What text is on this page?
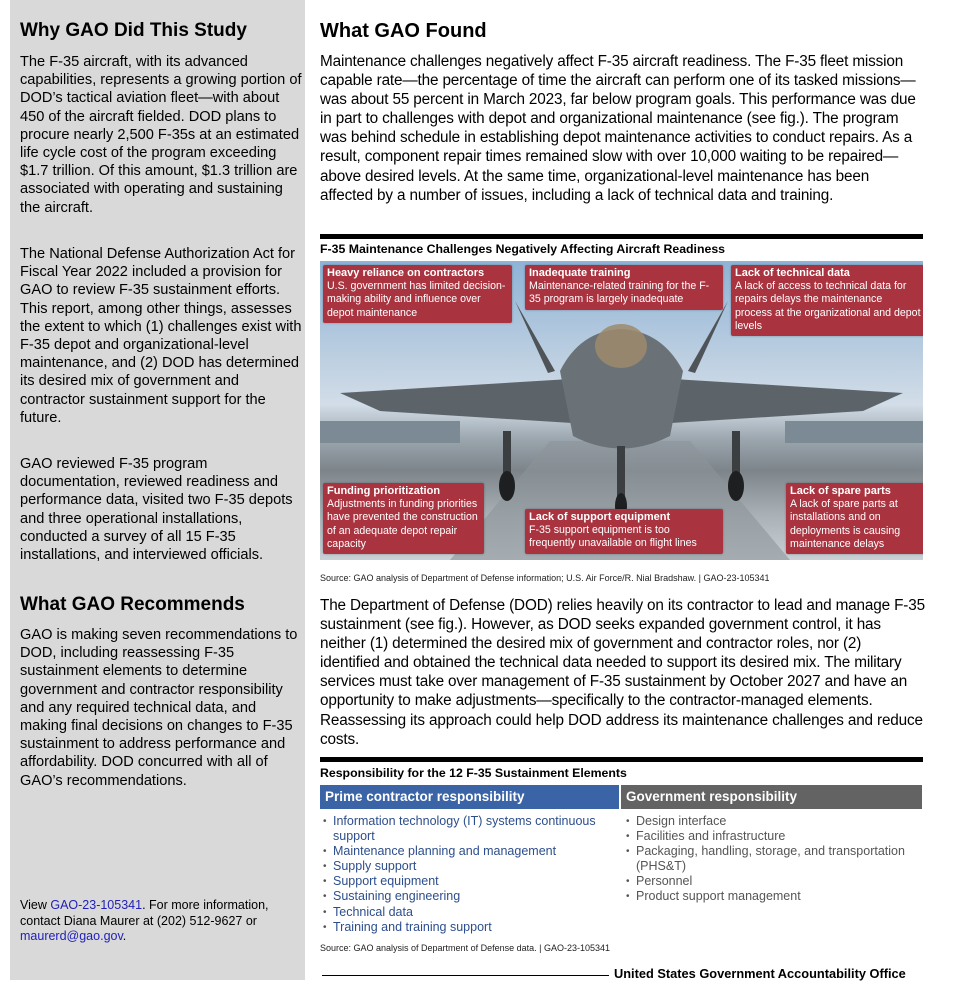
Why GAO Did This Study

The F-35 aircraft, with its advanced capabilities, represents a growing portion of DOD’s tactical aviation fleet—with about 450 of the aircraft fielded. DOD plans to procure nearly 2,500 F-35s at an estimated life cycle cost of the program exceeding $1.7 trillion. Of this amount, $1.3 trillion are associated with operating and sustaining the aircraft.

The National Defense Authorization Act for Fiscal Year 2022 included a provision for GAO to review F-35 sustainment efforts. This report, among other things, assesses the extent to which (1) challenges exist with F-35 depot and organizational-level maintenance, and (2) DOD has determined its desired mix of government and contractor sustainment support for the future.

GAO reviewed F-35 program documentation, reviewed readiness and performance data, visited two F-35 depots and three operational installations, conducted a survey of all 15 F-35 installations, and interviewed officials.

What GAO Recommends

GAO is making seven recommendations to DOD, including reassessing F-35 sustainment elements to determine government and contractor responsibility and any required technical data, and making final decisions on changes to F-35 sustainment to address performance and affordability. DOD concurred with all of GAO’s recommendations.

View GAO-23-105341. For more information, contact Diana Maurer at (202) 512-9627 or maurerd@gao.gov.
What GAO Found

Maintenance challenges negatively affect F-35 aircraft readiness. The F-35 fleet mission capable rate—the percentage of time the aircraft can perform one of its tasked missions—was about 55 percent in March 2023, far below program goals. This performance was due in part to challenges with depot and organizational maintenance (see fig.). The program was behind schedule in establishing depot maintenance activities to conduct repairs. As a result, component repair times remained slow with over 10,000 waiting to be repaired—above desired levels. At the same time, organizational-level maintenance has been affected by a number of issues, including a lack of technical data and training.

F-35 Maintenance Challenges Negatively Affecting Aircraft Readiness

Heavy reliance on contractors
U.S. government has limited decision-making ability and influence over depot maintenance
Inadequate training
Maintenance-related training for the F-35 program is largely inadequate
Lack of technical data
A lack of access to technical data for repairs delays the maintenance process at the organizational and depot levels
Funding prioritization
Adjustments in funding priorities have prevented the construction of an adequate depot repair capacity
Lack of support equipment
F-35 support equipment is too frequently unavailable on flight lines
Lack of spare parts
A lack of spare parts at installations and on deployments is causing maintenance delays

Source: GAO analysis of Department of Defense information; U.S. Air Force/R. Nial Bradshaw. | GAO-23-105341

The Department of Defense (DOD) relies heavily on its contractor to lead and manage F-35 sustainment (see fig.). However, as DOD seeks expanded government control, it has neither (1) determined the desired mix of government and contractor roles, nor (2) identified and obtained the technical data needed to support its desired mix. The military services must take over management of F-35 sustainment by October 2027 and have an opportunity to make adjustments—specifically to the contractor-managed elements. Reassessing its approach could help DOD address its maintenance challenges and reduce costs.

Responsibility for the 12 F-35 Sustainment Elements

Prime contractor responsibility	Government responsibility
• Information technology (IT) systems continuous support
• Maintenance planning and management
• Supply support
• Support equipment
• Sustaining engineering
• Technical data
• Training and training support
• Design interface
• Facilities and infrastructure
• Packaging, handling, storage, and transportation (PHS&T)
• Personnel
• Product support management

Source: GAO analysis of Department of Defense data. | GAO-23-105341

United States Government Accountability Office
